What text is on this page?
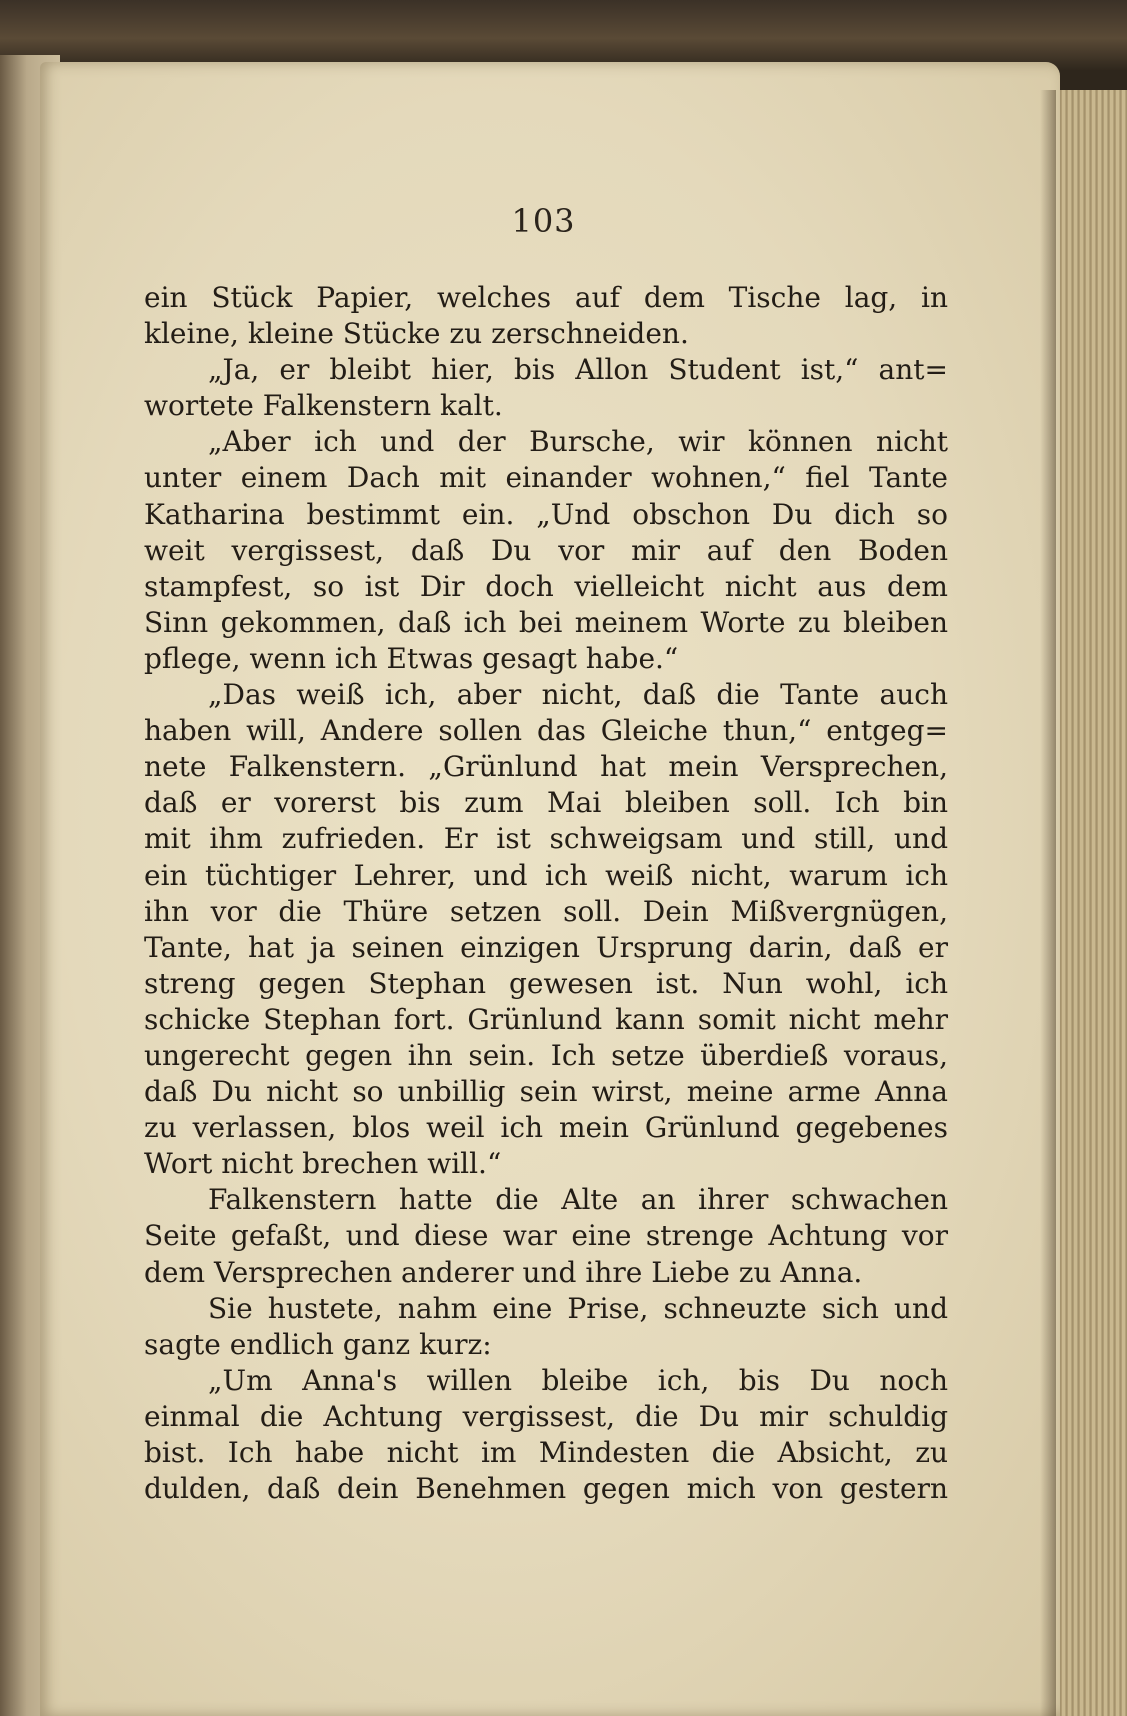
103
ein Stück Papier, welches auf dem Tische lag, in
kleine, kleine Stücke zu zerschneiden.
„Ja, er bleibt hier, bis Allon Student ist,“ ant=
wortete Falkenstern kalt.
„Aber ich und der Bursche, wir können nicht
unter einem Dach mit einander wohnen,“ fiel Tante
Katharina bestimmt ein. „Und obschon Du dich so
weit vergissest, daß Du vor mir auf den Boden
stampfest, so ist Dir doch vielleicht nicht aus dem
Sinn gekommen, daß ich bei meinem Worte zu bleiben
pflege, wenn ich Etwas gesagt habe.“
„Das weiß ich, aber nicht, daß die Tante auch
haben will, Andere sollen das Gleiche thun,“ entgeg=
nete Falkenstern. „Grünlund hat mein Versprechen,
daß er vorerst bis zum Mai bleiben soll. Ich bin
mit ihm zufrieden. Er ist schweigsam und still, und
ein tüchtiger Lehrer, und ich weiß nicht, warum ich
ihn vor die Thüre setzen soll. Dein Mißvergnügen,
Tante, hat ja seinen einzigen Ursprung darin, daß er
streng gegen Stephan gewesen ist. Nun wohl, ich
schicke Stephan fort. Grünlund kann somit nicht mehr
ungerecht gegen ihn sein. Ich setze überdieß voraus,
daß Du nicht so unbillig sein wirst, meine arme Anna
zu verlassen, blos weil ich mein Grünlund gegebenes
Wort nicht brechen will.“
Falkenstern hatte die Alte an ihrer schwachen
Seite gefaßt, und diese war eine strenge Achtung vor
dem Versprechen anderer und ihre Liebe zu Anna.
Sie hustete, nahm eine Prise, schneuzte sich und
sagte endlich ganz kurz:
„Um Anna's willen bleibe ich, bis Du noch
einmal die Achtung vergissest, die Du mir schuldig
bist. Ich habe nicht im Mindesten die Absicht, zu
dulden, daß dein Benehmen gegen mich von gestern
